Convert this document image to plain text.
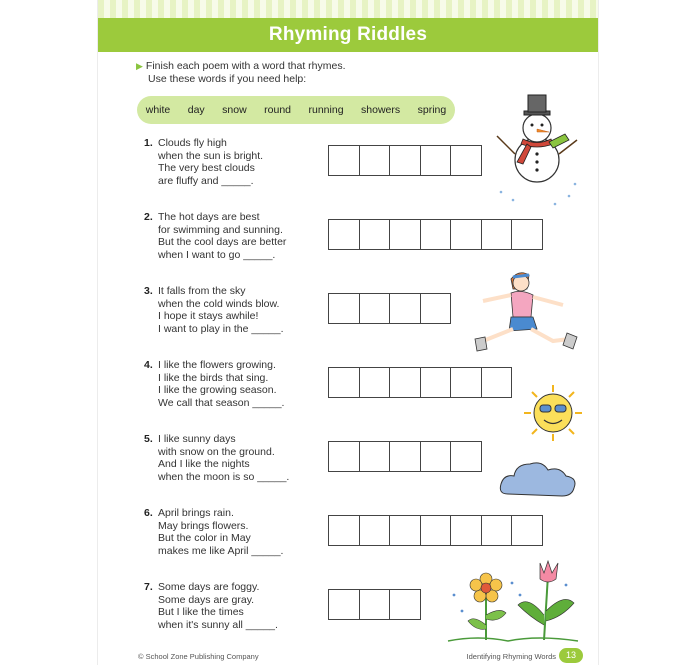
Rhyming Riddles
▶ Finish each poem with a word that rhymes.
Use these words if you need help:
white day snow round running showers spring
1. Clouds fly high
when the sun is bright.
The very best clouds
are fluffy and _____.
2. The hot days are best
for swimming and sunning.
But the cool days are better
when I want to go _____.
3. It falls from the sky
when the cold winds blow.
I hope it stays awhile!
I want to play in the _____.
4. I like the flowers growing.
I like the birds that sing.
I like the growing season.
We call that season _____.
5. I like sunny days
with snow on the ground.
And I like the nights
when the moon is so _____.
6. April brings rain.
May brings flowers.
But the color in May
makes me like April _____.
7. Some days are foggy.
Some days are gray.
But I like the times
when it's sunny all _____.
© School Zone Publishing Company	Identifying Rhyming Words	13
